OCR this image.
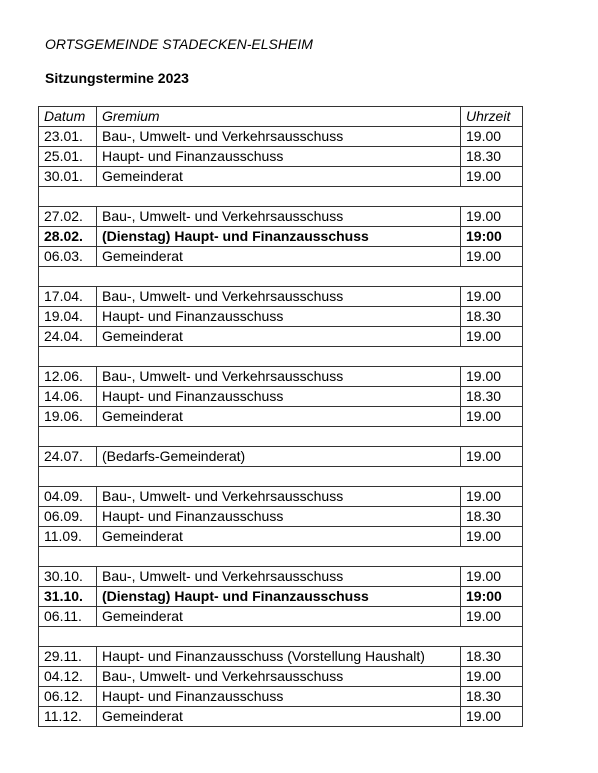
ORTSGEMEINDE STADECKEN-ELSHEIM
Sitzungstermine 2023
Datum	Gremium	Uhrzeit
23.01.	Bau-, Umwelt- und Verkehrsausschuss	19.00
25.01.	Haupt- und Finanzausschuss	18.30
30.01.	Gemeinderat	19.00

27.02.	Bau-, Umwelt- und Verkehrsausschuss	19.00
28.02.	(Dienstag) Haupt- und Finanzausschuss	19:00
06.03.	Gemeinderat	19.00

17.04.	Bau-, Umwelt- und Verkehrsausschuss	19.00
19.04.	Haupt- und Finanzausschuss	18.30
24.04.	Gemeinderat	19.00

12.06.	Bau-, Umwelt- und Verkehrsausschuss	19.00
14.06.	Haupt- und Finanzausschuss	18.30
19.06.	Gemeinderat	19.00

24.07.	(Bedarfs-Gemeinderat)	19.00

04.09.	Bau-, Umwelt- und Verkehrsausschuss	19.00
06.09.	Haupt- und Finanzausschuss	18.30
11.09.	Gemeinderat	19.00

30.10.	Bau-, Umwelt- und Verkehrsausschuss	19.00
31.10.	(Dienstag) Haupt- und Finanzausschuss	19:00
06.11.	Gemeinderat	19.00

29.11.	Haupt- und Finanzausschuss (Vorstellung Haushalt)	18.30
04.12.	Bau-, Umwelt- und Verkehrsausschuss	19.00
06.12.	Haupt- und Finanzausschuss	18.30
11.12.	Gemeinderat	19.00
